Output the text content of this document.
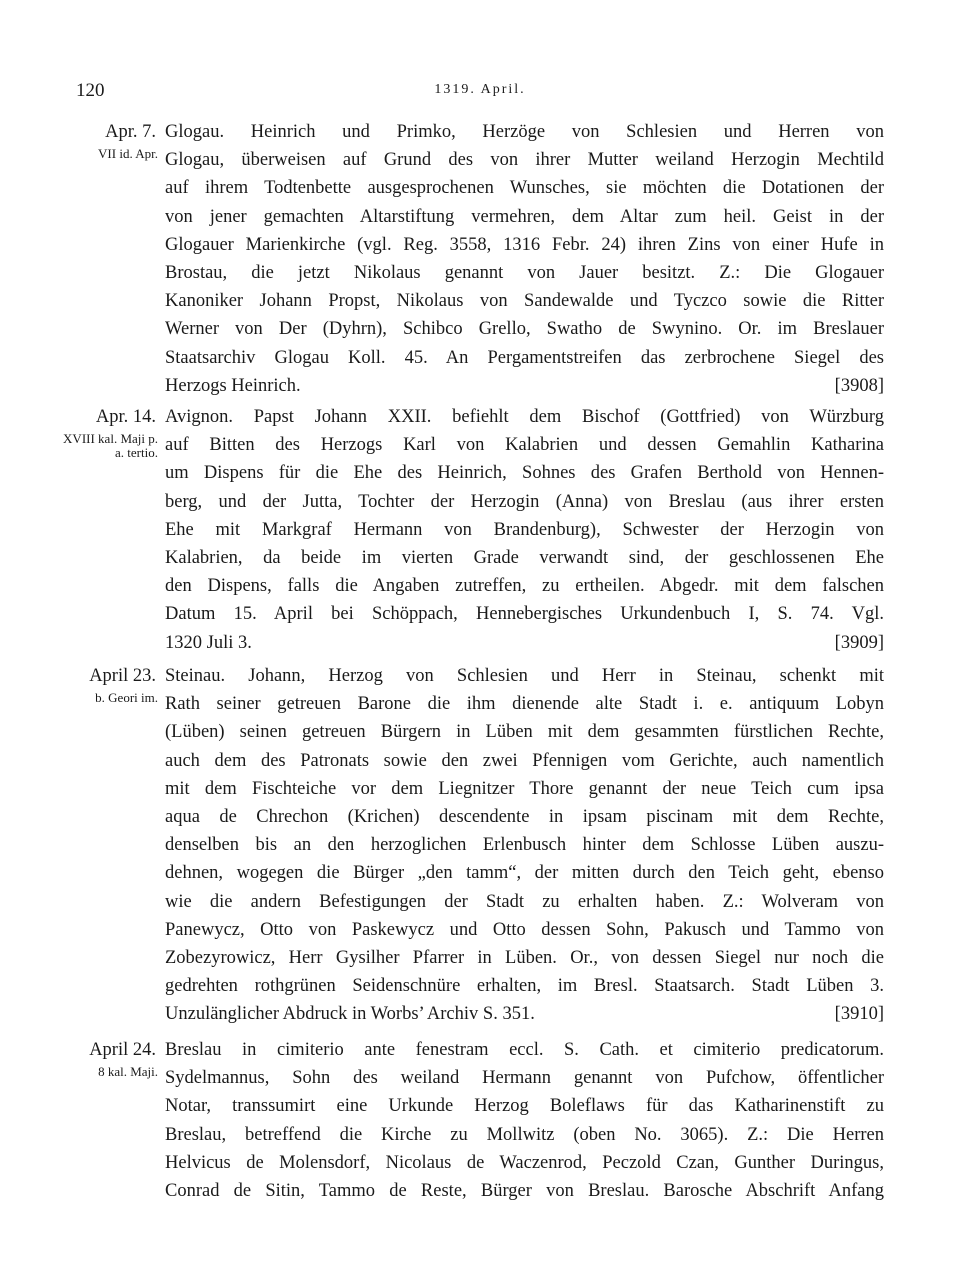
120	1319. April.
Apr. 7.
VII id. Apr.
Glogau. Heinrich und Primko, Herzöge von Schlesien und Herren von
Glogau, überweisen auf Grund des von ihrer Mutter weiland Herzogin Mechtild
auf ihrem Todtenbette ausgesprochenen Wunsches, sie möchten die Dotationen der
von jener gemachten Altarstiftung vermehren, dem Altar zum heil. Geist in der
Glogauer Marienkirche (vgl. Reg. 3558, 1316 Febr. 24) ihren Zins von einer Hufe in
Brostau, die jetzt Nikolaus genannt von Jauer besitzt. Z.: Die Glogauer
Kanoniker Johann Propst, Nikolaus von Sandewalde und Tyczco sowie die Ritter
Werner von Der (Dyhrn), Schibco Grello, Swatho de Swynino. Or. im Breslauer
Staatsarchiv Glogau Koll. 45. An Pergamentstreifen das zerbrochene Siegel des
Herzogs Heinrich.	[3908]
Apr. 14.
XVIII kal. Maji p. a. tertio.
Avignon. Papst Johann XXII. befiehlt dem Bischof (Gottfried) von Würzburg
auf Bitten des Herzogs Karl von Kalabrien und dessen Gemahlin Katharina
um Dispens für die Ehe des Heinrich, Sohnes des Grafen Berthold von Hennen-
berg, und der Jutta, Tochter der Herzogin (Anna) von Breslau (aus ihrer ersten
Ehe mit Markgraf Hermann von Brandenburg), Schwester der Herzogin von
Kalabrien, da beide im vierten Grade verwandt sind, der geschlossenen Ehe
den Dispens, falls die Angaben zutreffen, zu ertheilen. Abgedr. mit dem falschen
Datum 15. April bei Schöppach, Hennebergisches Urkundenbuch I, S. 74. Vgl.
1320 Juli 3.	[3909]
April 23.
b. Geori im.
Steinau. Johann, Herzog von Schlesien und Herr in Steinau, schenkt mit
Rath seiner getreuen Barone die ihm dienende alte Stadt i. e. antiquum Lobyn
(Lüben) seinen getreuen Bürgern in Lüben mit dem gesammten fürstlichen Rechte,
auch dem des Patronats sowie den zwei Pfennigen vom Gerichte, auch namentlich
mit dem Fischteiche vor dem Liegnitzer Thore genannt der neue Teich cum ipsa
aqua de Chrechon (Krichen) descendente in ipsam piscinam mit dem Rechte,
denselben bis an den herzoglichen Erlenbusch hinter dem Schlosse Lüben auszu-
dehnen, wogegen die Bürger „den tamm“, der mitten durch den Teich geht, ebenso
wie die andern Befestigungen der Stadt zu erhalten haben. Z.: Wolveram von
Panewycz, Otto von Paskewycz und Otto dessen Sohn, Pakusch und Tammo von
Zobezyrowicz, Herr Gysilher Pfarrer in Lüben. Or., von dessen Siegel nur noch die
gedrehten rothgrünen Seidenschnüre erhalten, im Bresl. Staatsarch. Stadt Lüben 3.
Unzulänglicher Abdruck in Worbs’ Archiv S. 351.	[3910]
April 24.
8 kal. Maji.
Breslau in cimiterio ante fenestram eccl. S. Cath. et cimiterio predicatorum.
Sydelmannus, Sohn des weiland Hermann genannt von Pufchow, öffentlicher
Notar, transsumirt eine Urkunde Herzog Boleflaws für das Katharinenstift zu
Breslau, betreffend die Kirche zu Mollwitz (oben No. 3065). Z.: Die Herren
Helvicus de Molensdorf, Nicolaus de Waczenrod, Peczold Czan, Gunther Duringus,
Conrad de Sitin, Tammo de Reste, Bürger von Breslau. Barosche Abschrift Anfang
